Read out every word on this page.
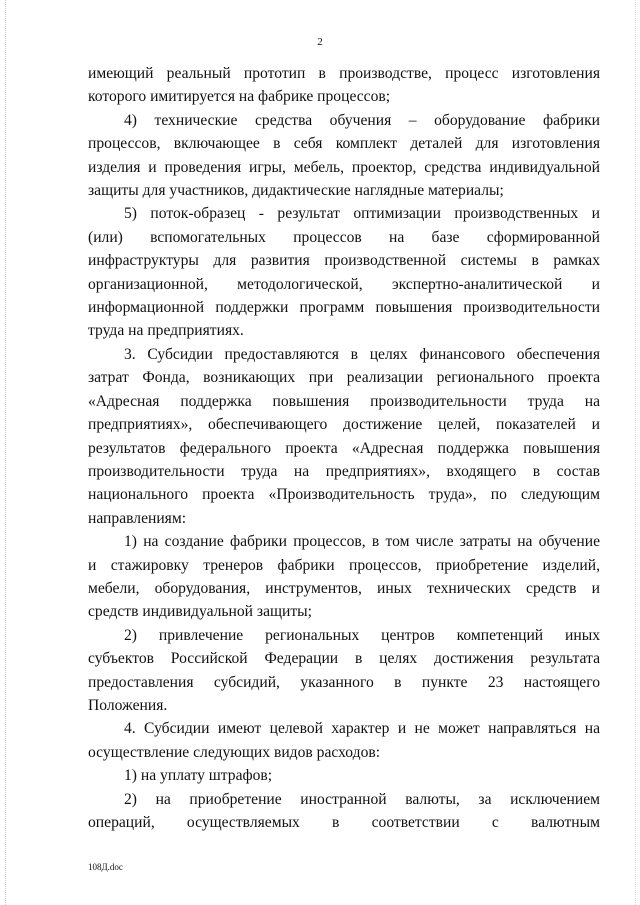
2

имеющий реальный прототип в производстве, процесс изготовления

которого имитируется на фабрике процессов;

4) технические средства обучения – оборудование фабрики

процессов, включающее в себя комплект деталей для изготовления

изделия и проведения игры, мебель, проектор, средства индивидуальной

защиты для участников, дидактические наглядные материалы;

5) поток-образец - результат оптимизации производственных и

(или) вспомогательных процессов на базе сформированной

инфраструктуры для развития производственной системы в рамках

организационной, методологической, экспертно-аналитической и

информационной поддержки программ повышения производительности

труда на предприятиях.

3. Субсидии предоставляются в целях финансового обеспечения

затрат Фонда, возникающих при реализации регионального проекта

«Адресная поддержка повышения производительности труда на

предприятиях», обеспечивающего достижение целей, показателей и

результатов федерального проекта «Адресная поддержка повышения

производительности труда на предприятиях», входящего в состав

национального проекта «Производительность труда», по следующим

направлениям:

1) на создание фабрики процессов, в том числе затраты на обучение

и стажировку тренеров фабрики процессов, приобретение изделий,

мебели, оборудования, инструментов, иных технических средств и

средств индивидуальной защиты;

2) привлечение региональных центров компетенций иных

субъектов Российской Федерации в целях достижения результата

предоставления субсидий, указанного в пункте 23 настоящего

Положения.

4. Субсидии имеют целевой характер и не может направляться на

осуществление следующих видов расходов:

1) на уплату штрафов;

2) на приобретение иностранной валюты, за исключением

операций, осуществляемых в соответствии с валютным

108Д.doc
